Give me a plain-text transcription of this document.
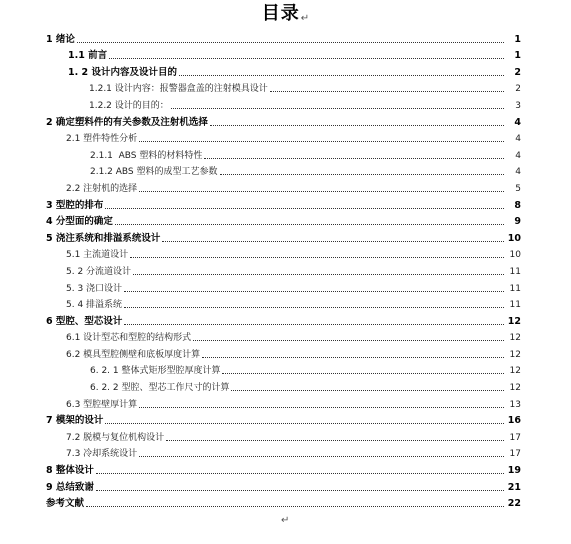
目录↵
1 绪论	1
1.1 前言	1
1. 2 设计内容及设计目的	2
1.2.1 设计内容：报警器盒盖的注射模具设计	2
1.2.2 设计的目的：	3
2 确定塑料件的有关参数及注射机选择	4
2.1 塑件特性分析	4
2.1.1  ABS 塑料的材料特性	4
2.1.2 ABS 塑料的成型工艺参数	4
2.2 注射机的选择	5
3 型腔的排布	8
4 分型面的确定	9
5 浇注系统和排溢系统设计	10
5.1 主流道设计	10
5. 2 分流道设计	11
5. 3 浇口设计	11
5. 4 排溢系统	11
6 型腔、型芯设计	12
6.1 设计型芯和型腔的结构形式	12
6.2 模具型腔侧壁和底板厚度计算	12
6. 2. 1 整体式矩形型腔厚度计算	12
6. 2. 2 型腔、型芯工作尺寸的计算	12
6.3 型腔壁厚计算	13
7 模架的设计	16
7.2 脱模与复位机构设计	17
7.3 冷却系统设计	17
8 整体设计	19
9 总结致谢	21
参考文献	22
↵
